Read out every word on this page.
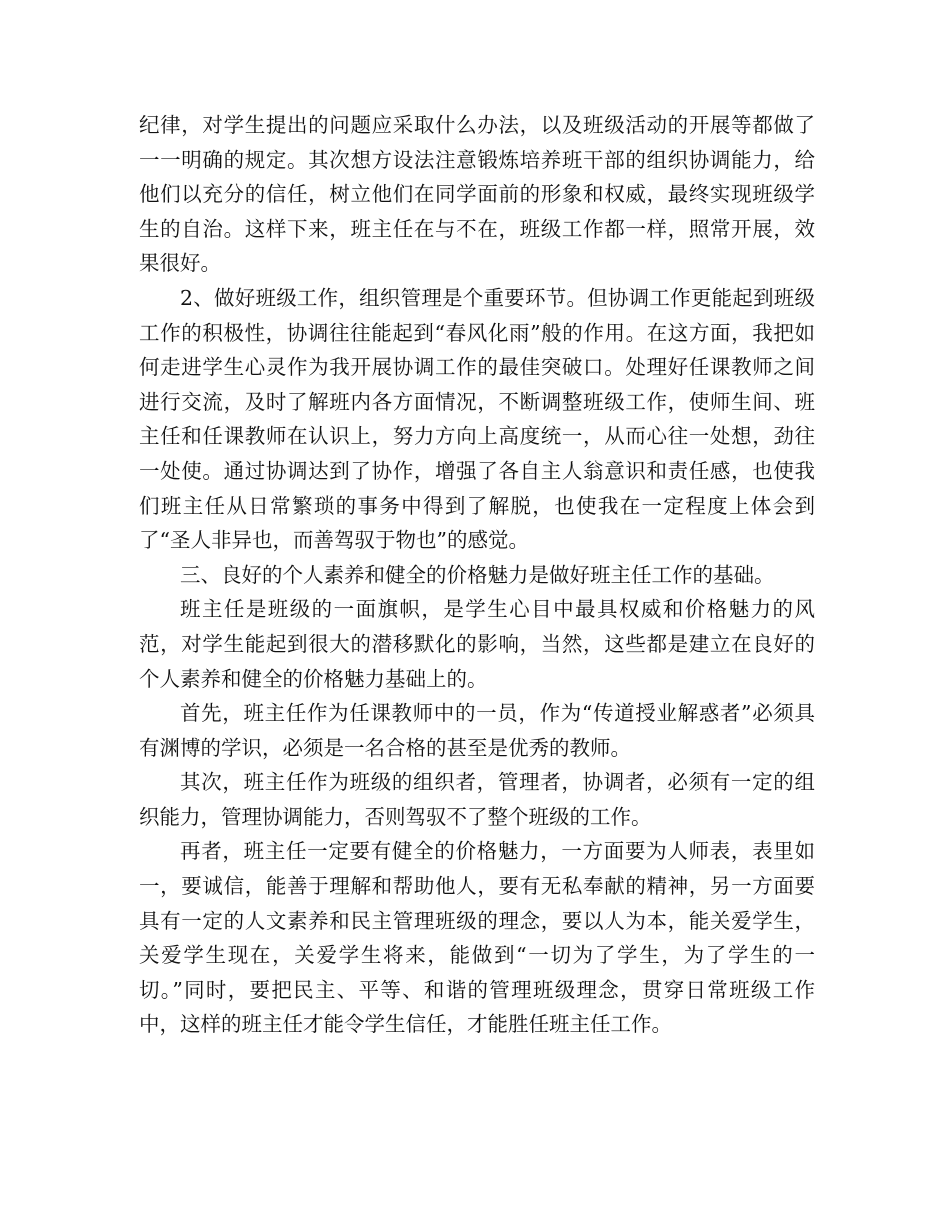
纪律，对学生提出的问题应采取什么办法，以及班级活动的开展等都做了一一明确的规定。其次想方设法注意锻炼培养班干部的组织协调能力，给他们以充分的信任，树立他们在同学面前的形象和权威，最终实现班级学生的自治。这样下来，班主任在与不在，班级工作都一样，照常开展，效果很好。

2、做好班级工作，组织管理是个重要环节。但协调工作更能起到班级工作的积极性，协调往往能起到“春风化雨”般的作用。在这方面，我把如何走进学生心灵作为我开展协调工作的最佳突破口。处理好任课教师之间进行交流，及时了解班内各方面情况，不断调整班级工作，使师生间、班主任和任课教师在认识上，努力方向上高度统一，从而心往一处想，劲往一处使。通过协调达到了协作，增强了各自主人翁意识和责任感，也使我们班主任从日常繁琐的事务中得到了解脱，也使我在一定程度上体会到了“圣人非异也，而善驾驭于物也”的感觉。

三、良好的个人素养和健全的价格魅力是做好班主任工作的基础。

班主任是班级的一面旗帜，是学生心目中最具权威和价格魅力的风范，对学生能起到很大的潜移默化的影响，当然，这些都是建立在良好的个人素养和健全的价格魅力基础上的。

首先，班主任作为任课教师中的一员，作为“传道授业解惑者”必须具有渊博的学识，必须是一名合格的甚至是优秀的教师。

其次，班主任作为班级的组织者，管理者，协调者，必须有一定的组织能力，管理协调能力，否则驾驭不了整个班级的工作。

再者，班主任一定要有健全的价格魅力，一方面要为人师表，表里如一，要诚信，能善于理解和帮助他人，要有无私奉献的精神，另一方面要具有一定的人文素养和民主管理班级的理念，要以人为本，能关爱学生，关爱学生现在，关爱学生将来，能做到“一切为了学生，为了学生的一切。”同时，要把民主、平等、和谐的管理班级理念，贯穿日常班级工作中，这样的班主任才能令学生信任，才能胜任班主任工作。
